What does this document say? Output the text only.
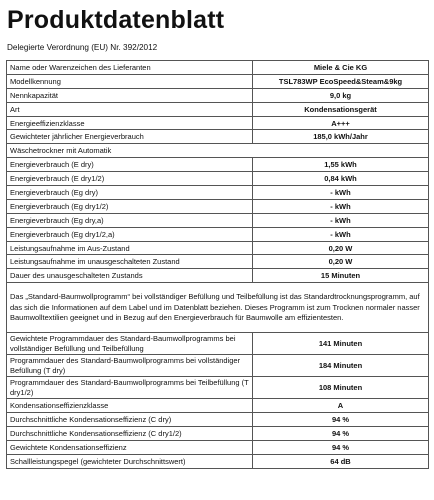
Produktdatenblatt
Delegierte Verordnung (EU) Nr. 392/2012
Name oder Warenzeichen des Lieferanten	Miele & Cie KG
Modellkennung	TSL783WP EcoSpeed&Steam&9kg
Nennkapazität	9,0 kg
Art	Kondensationsgerät
Energieeffizienzklasse	A+++
Gewichteter jährlicher Energieverbrauch	185,0 kWh/Jahr
Wäschetrockner mit Automatik	
Energieverbrauch (E dry)	1,55 kWh
Energieverbrauch (E dry1/2)	0,84 kWh
Energieverbrauch (Eg dry)	- kWh
Energieverbrauch (Eg dry1/2)	- kWh
Energieverbrauch (Eg dry,a)	- kWh
Energieverbrauch (Eg dry1/2,a)	- kWh
Leistungsaufnahme im Aus-Zustand	0,20 W
Leistungsaufnahme im unausgeschalteten Zustand	0,20 W
Dauer des unausgeschalteten Zustands	15 Minuten
Das „Standard-Baumwollprogramm“ bei vollständiger Befüllung und Teilbefüllung ist das Standardtrocknungsprogramm, auf das sich die Informationen auf dem Label und im Datenblatt beziehen. Dieses Programm ist zum Trocknen normaler nasser Baumwolltextilien geeignet und in Bezug auf den Energieverbrauch für Baumwolle am effizientesten.	
Gewichtete Programmdauer des Standard-Baumwollprogramms bei vollständiger Befüllung und Teilbefüllung	141 Minuten
Programmdauer des Standard-Baumwollprogramms bei vollständiger Befüllung (T dry)	184 Minuten
Programmdauer des Standard-Baumwollprogramms bei Teilbefüllung (T dry1/2)	108 Minuten
Kondensationseffizienzklasse	A
Durchschnittliche Kondensationseffizienz (C dry)	94 %
Durchschnittliche Kondensationseffizienz (C dry1/2)	94 %
Gewichtete Kondensationseffizienz	94 %
Schallleistungspegel (gewichteter Durchschnittswert)	64 dB
